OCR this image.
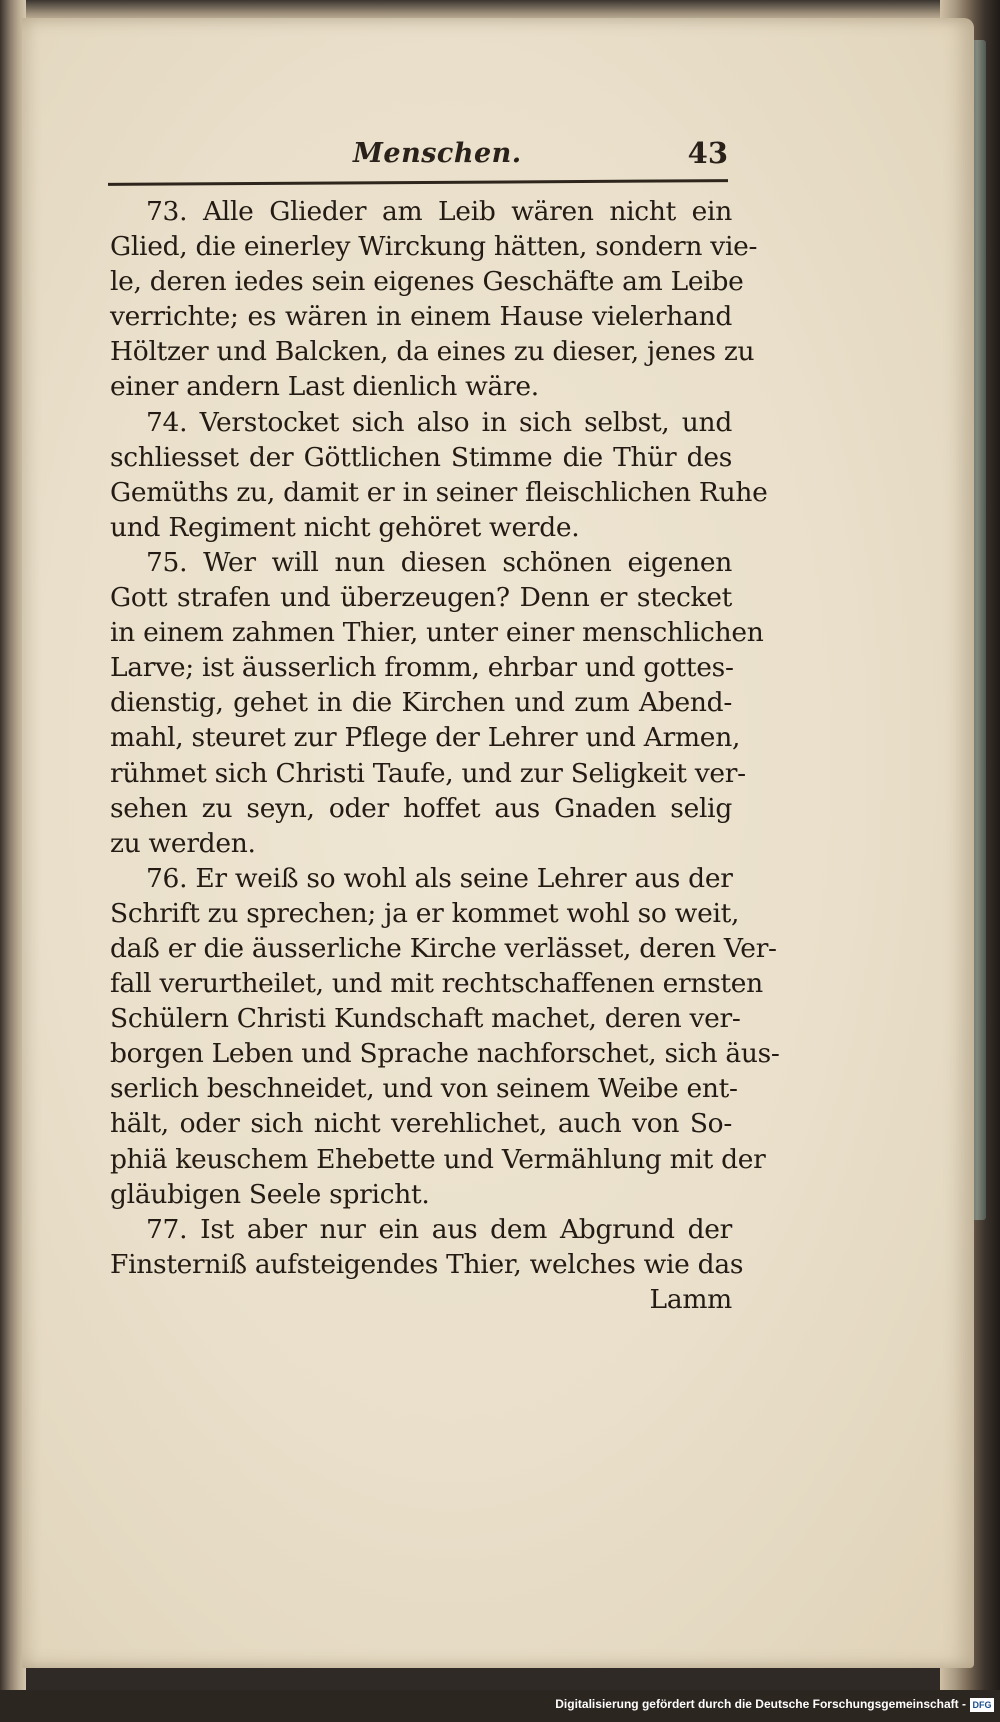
Menschen.	43
73. Alle Glieder am Leib wären nicht ein
Glied, die einerley Wirckung hätten, sondern vie-
le, deren iedes sein eigenes Geschäfte am Leibe
verrichte; es wären in einem Hause vielerhand
Höltzer und Balcken, da eines zu dieser, jenes zu
einer andern Last dienlich wäre.
74. Verstocket sich also in sich selbst, und
schliesset der Göttlichen Stimme die Thür des
Gemüths zu, damit er in seiner fleischlichen Ruhe
und Regiment nicht gehöret werde.
75. Wer will nun diesen schönen eigenen
Gott strafen und überzeugen? Denn er stecket
in einem zahmen Thier, unter einer menschlichen
Larve; ist äusserlich fromm, ehrbar und gottes-
dienstig, gehet in die Kirchen und zum Abend-
mahl, steuret zur Pflege der Lehrer und Armen,
rühmet sich Christi Taufe, und zur Seligkeit ver-
sehen zu seyn, oder hoffet aus Gnaden selig
zu werden.
76. Er weiß so wohl als seine Lehrer aus der
Schrift zu sprechen; ja er kommet wohl so weit,
daß er die äusserliche Kirche verlässet, deren Ver-
fall verurtheilet, und mit rechtschaffenen ernsten
Schülern Christi Kundschaft machet, deren ver-
borgen Leben und Sprache nachforschet, sich äus-
serlich beschneidet, und von seinem Weibe ent-
hält, oder sich nicht verehlichet, auch von So-
phiä keuschem Ehebette und Vermählung mit der
gläubigen Seele spricht.
77. Ist aber nur ein aus dem Abgrund der
Finsterniß aufsteigendes Thier, welches wie das
Lamm
Digitalisierung gefördert durch die Deutsche Forschungsgemeinschaft - DFG
